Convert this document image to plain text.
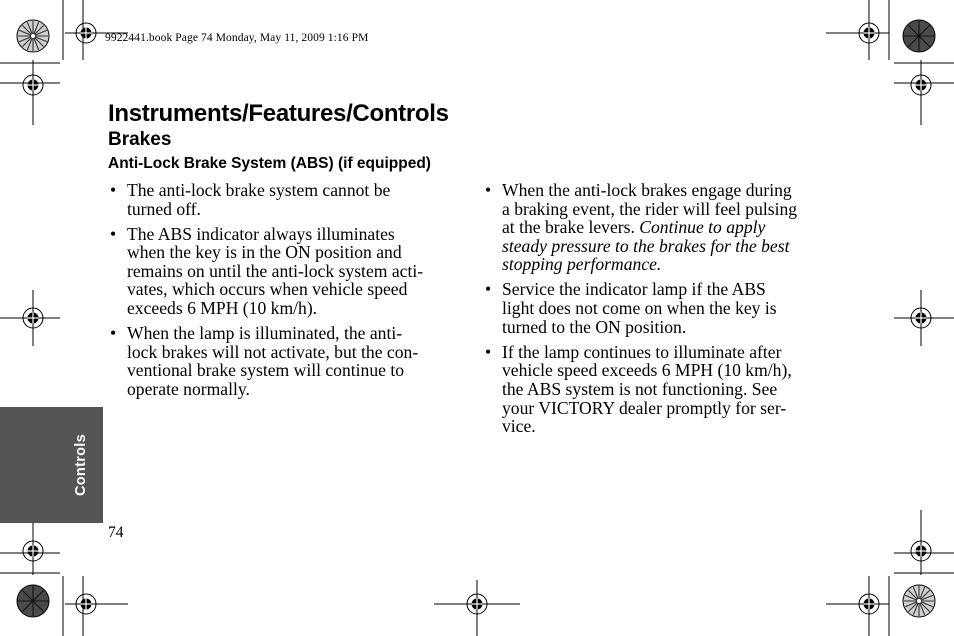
9922441.book Page 74 Monday, May 11, 2009 1:16 PM
Instruments/Features/Controls
Brakes
Anti-Lock Brake System (ABS) (if equipped)
• The anti-lock brake system cannot be
turned off.
• The ABS indicator always illuminates
when the key is in the ON position and
remains on until the anti-lock system acti-
vates, which occurs when vehicle speed
exceeds 6 MPH (10 km/h).
• When the lamp is illuminated, the anti-
lock brakes will not activate, but the con-
ventional brake system will continue to
operate normally.
• When the anti-lock brakes engage during
a braking event, the rider will feel pulsing
at the brake levers. Continue to apply
steady pressure to the brakes for the best
stopping performance.
• Service the indicator lamp if the ABS
light does not come on when the key is
turned to the ON position.
• If the lamp continues to illuminate after
vehicle speed exceeds 6 MPH (10 km/h),
the ABS system is not functioning. See
your VICTORY dealer promptly for ser-
vice.
Controls
74
